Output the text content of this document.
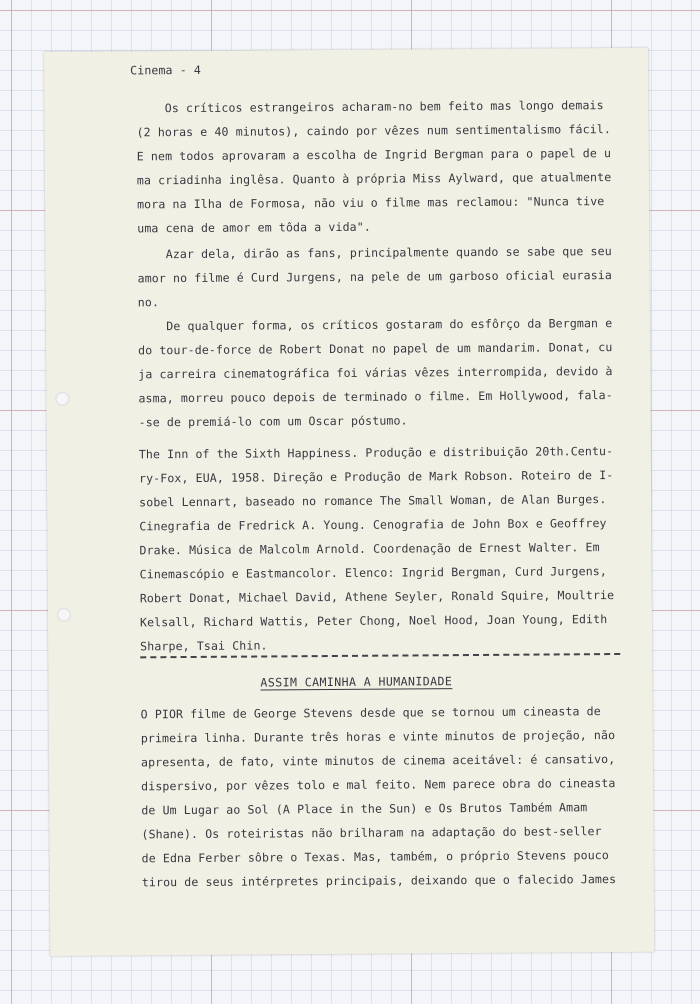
Cinema - 4
Os críticos estrangeiros acharam-no bem feito mas longo demais
(2 horas e 40 minutos), caindo por vêzes num sentimentalismo fácil.
E nem todos aprovaram a escolha de Ingrid Bergman para o papel de u
ma criadinha inglêsa. Quanto à própria Miss Aylward, que atualmente
mora na Ilha de Formosa, não viu o filme mas reclamou: "Nunca tive
uma cena de amor em tôda a vida".
Azar dela, dirão as fans, principalmente quando se sabe que seu
amor no filme é Curd Jurgens, na pele de um garboso oficial eurasia
no.
De qualquer forma, os críticos gostaram do esfôrço da Bergman e
do tour-de-force de Robert Donat no papel de um mandarim. Donat, cu
ja carreira cinematográfica foi várias vêzes interrompida, devido à
asma, morreu pouco depois de terminado o filme. Em Hollywood, fala-
-se de premiá-lo com um Oscar póstumo.
The Inn of the Sixth Happiness. Produção e distribuição 20th.Centu-
ry-Fox, EUA, 1958. Direção e Produção de Mark Robson. Roteiro de I-
sobel Lennart, baseado no romance The Small Woman, de Alan Burges.
Cinegrafia de Fredrick A. Young. Cenografia de John Box e Geoffrey
Drake. Música de Malcolm Arnold. Coordenação de Ernest Walter. Em
Cinemascópio e Eastmancolor. Elenco: Ingrid Bergman, Curd Jurgens,
Robert Donat, Michael David, Athene Seyler, Ronald Squire, Moultrie
Kelsall, Richard Wattis, Peter Chong, Noel Hood, Joan Young, Edith
Sharpe, Tsai Chin.
ASSIM CAMINHA A HUMANIDADE
O PIOR filme de George Stevens desde que se tornou um cineasta de
primeira linha. Durante três horas e vinte minutos de projeção, não
apresenta, de fato, vinte minutos de cinema aceitável: é cansativo,
dispersivo, por vêzes tolo e mal feito. Nem parece obra do cineasta
de Um Lugar ao Sol (A Place in the Sun) e Os Brutos Também Amam
(Shane). Os roteiristas não brilharam na adaptação do best-seller
de Edna Ferber sôbre o Texas. Mas, também, o próprio Stevens pouco
tirou de seus intérpretes principais, deixando que o falecido James
